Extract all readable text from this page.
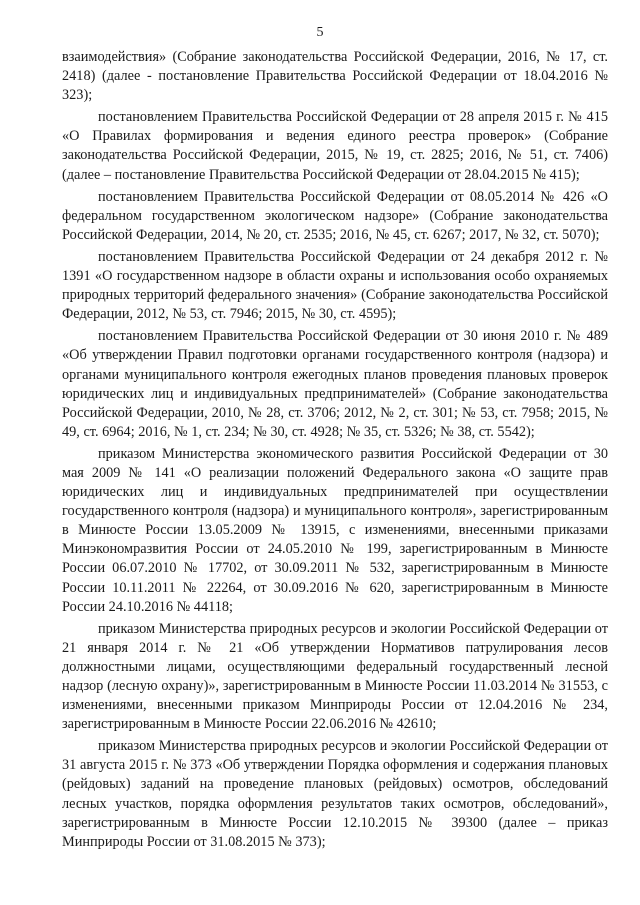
5

взаимодействия» (Собрание законодательства Российской Федерации, 2016, № 17, ст. 2418) (далее - постановление Правительства Российской Федерации от 18.04.2016 № 323);

постановлением Правительства Российской Федерации от 28 апреля 2015 г. № 415 «О Правилах формирования и ведения единого реестра проверок» (Собрание законодательства Российской Федерации, 2015, № 19, ст. 2825; 2016, № 51, ст. 7406) (далее – постановление Правительства Российской Федерации от 28.04.2015 № 415);

постановлением Правительства Российской Федерации от 08.05.2014 № 426 «О федеральном государственном экологическом надзоре» (Собрание законодательства Российской Федерации, 2014, № 20, ст. 2535; 2016, № 45, ст. 6267; 2017, № 32, ст. 5070);

постановлением Правительства Российской Федерации от 24 декабря 2012 г. № 1391 «О государственном надзоре в области охраны и использования особо охраняемых природных территорий федерального значения» (Собрание законодательства Российской Федерации, 2012, № 53, ст. 7946; 2015, № 30, ст. 4595);

постановлением Правительства Российской Федерации от 30 июня 2010 г. № 489 «Об утверждении Правил подготовки органами государственного контроля (надзора) и органами муниципального контроля ежегодных планов проведения плановых проверок юридических лиц и индивидуальных предпринимателей» (Собрание законодательства Российской Федерации, 2010, № 28, ст. 3706; 2012, № 2, ст. 301; № 53, ст. 7958; 2015, № 49, ст. 6964; 2016, № 1, ст. 234; № 30, ст. 4928; № 35, ст. 5326; № 38, ст. 5542);

приказом Министерства экономического развития Российской Федерации от 30 мая 2009 № 141 «О реализации положений Федерального закона «О защите прав юридических лиц и индивидуальных предпринимателей при осуществлении государственного контроля (надзора) и муниципального контроля», зарегистрированным в Минюсте России 13.05.2009 № 13915, с изменениями, внесенными приказами Минэкономразвития России от 24.05.2010 № 199, зарегистрированным в Минюсте России 06.07.2010 № 17702, от 30.09.2011 № 532, зарегистрированным в Минюсте России 10.11.2011 № 22264, от 30.09.2016 № 620, зарегистрированным в Минюсте России 24.10.2016 № 44118;

приказом Министерства природных ресурсов и экологии Российской Федерации от 21 января 2014 г. № 21 «Об утверждении Нормативов патрулирования лесов должностными лицами, осуществляющими федеральный государственный лесной надзор (лесную охрану)», зарегистрированным в Минюсте России 11.03.2014 № 31553, с изменениями, внесенными приказом Минприроды России от 12.04.2016 № 234, зарегистрированным в Минюсте России 22.06.2016 № 42610;

приказом Министерства природных ресурсов и экологии Российской Федерации от 31 августа 2015 г. № 373 «Об утверждении Порядка оформления и содержания плановых (рейдовых) заданий на проведение плановых (рейдовых) осмотров, обследований лесных участков, порядка оформления результатов таких осмотров, обследований», зарегистрированным в Минюсте России 12.10.2015 № 39300 (далее – приказ Минприроды России от 31.08.2015 № 373);
